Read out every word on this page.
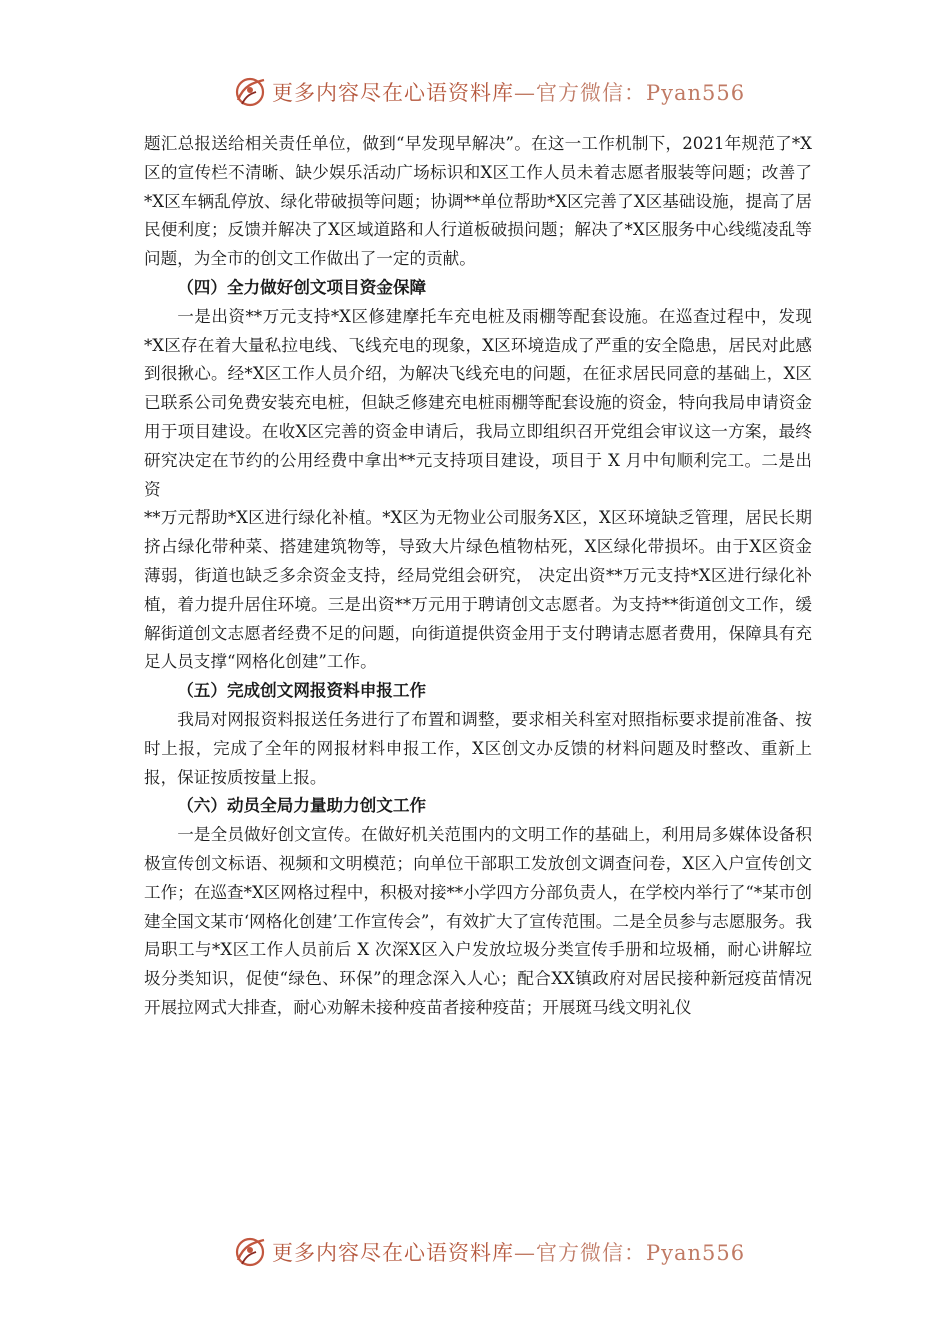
更多内容尽在心语资料库—官方微信：Pyan556

题汇总报送给相关责任单位，做到“早发现早解决”。在这一工作机制下，2021年规范了*X区的宣传栏不清晰、缺少娱乐活动广场标识和X区工作人员未着志愿者服装等问题；改善了*X区车辆乱停放、绿化带破损等问题；协调**单位帮助*X区完善了X区基础设施，提高了居民便利度；反馈并解决了X区域道路和人行道板破损问题；解决了*X区服务中心线缆凌乱等问题，为全市的创文工作做出了一定的贡献。

（四）全力做好创文项目资金保障

一是出资**万元支持*X区修建摩托车充电桩及雨棚等配套设施。在巡查过程中，发现*X区存在着大量私拉电线、飞线充电的现象，X区环境造成了严重的安全隐患，居民对此感到很揪心。经*X区工作人员介绍，为解决飞线充电的问题，在征求居民同意的基础上，X区已联系公司免费安装充电桩，但缺乏修建充电桩雨棚等配套设施的资金，特向我局申请资金用于项目建设。在收X区完善的资金申请后，我局立即组织召开党组会审议这一方案，最终研究决定在节约的公用经费中拿出**元支持项目建设，项目于 X 月中旬顺利完工。二是出资

**万元帮助*X区进行绿化补植。*X区为无物业公司服务X区，X区环境缺乏管理，居民长期挤占绿化带种菜、搭建建筑物等，导致大片绿色植物枯死，X区绿化带损坏。由于X区资金薄弱，街道也缺乏多余资金支持，经局党组会研究， 决定出资**万元支持*X区进行绿化补植，着力提升居住环境。三是出资**万元用于聘请创文志愿者。为支持**街道创文工作，缓解街道创文志愿者经费不足的问题，向街道提供资金用于支付聘请志愿者费用，保障具有充足人员支撑“网格化创建”工作。

（五）完成创文网报资料申报工作

我局对网报资料报送任务进行了布置和调整，要求相关科室对照指标要求提前准备、按时上报，完成了全年的网报材料申报工作，X区创文办反馈的材料问题及时整改、重新上报，保证按质按量上报。

（六）动员全局力量助力创文工作

一是全员做好创文宣传。在做好机关范围内的文明工作的基础上，利用局多媒体设备积极宣传创文标语、视频和文明模范；向单位干部职工发放创文调查问卷，X区入户宣传创文工作；在巡查*X区网格过程中，积极对接**小学四方分部负责人，在学校内举行了“*某市创建全国文某市‘网格化创建’工作宣传会”，有效扩大了宣传范围。二是全员参与志愿服务。我局职工与*X区工作人员前后 X 次深X区入户发放垃圾分类宣传手册和垃圾桶，耐心讲解垃圾分类知识，促使“绿色、环保”的理念深入人心；配合XX镇政府对居民接种新冠疫苗情况开展拉网式大排查，耐心劝解未接种疫苗者接种疫苗；开展斑马线文明礼仪

更多内容尽在心语资料库—官方微信：Pyan556
